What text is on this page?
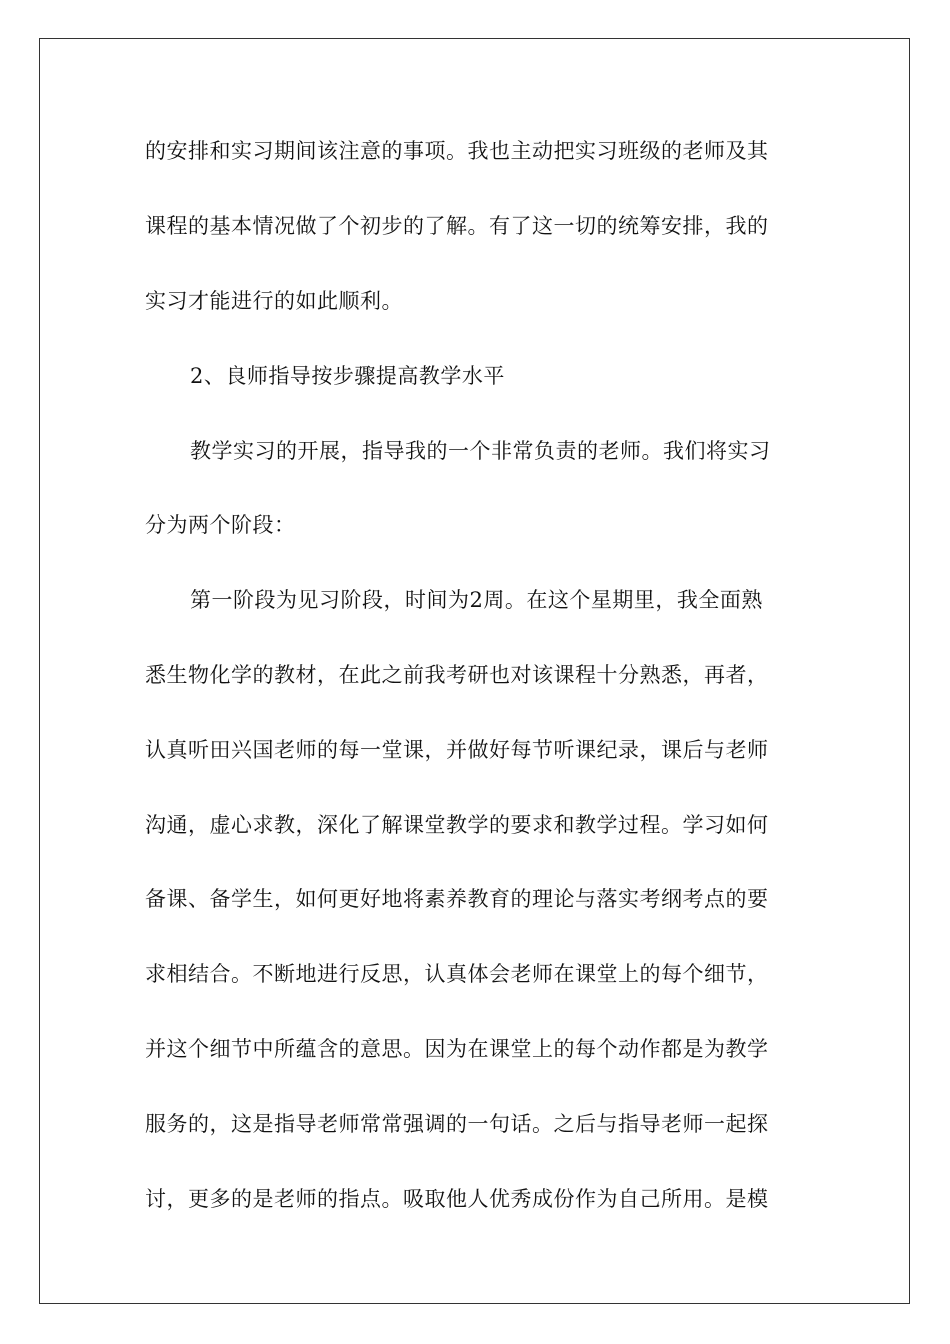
的安排和实习期间该注意的事项。我也主动把实习班级的老师及其
课程的基本情况做了个初步的了解。有了这一切的统筹安排，我的
实习才能进行的如此顺利。
2、良师指导按步骤提高教学水平
教学实习的开展，指导我的一个非常负责的老师。我们将实习
分为两个阶段：
第一阶段为见习阶段，时间为2周。在这个星期里，我全面熟
悉生物化学的教材，在此之前我考研也对该课程十分熟悉，再者，
认真听田兴国老师的每一堂课，并做好每节听课纪录，课后与老师
沟通，虚心求教，深化了解课堂教学的要求和教学过程。学习如何
备课、备学生，如何更好地将素养教育的理论与落实考纲考点的要
求相结合。不断地进行反思，认真体会老师在课堂上的每个细节，
并这个细节中所蕴含的意思。因为在课堂上的每个动作都是为教学
服务的，这是指导老师常常强调的一句话。之后与指导老师一起探
讨，更多的是老师的指点。吸取他人优秀成份作为自己所用。是模
